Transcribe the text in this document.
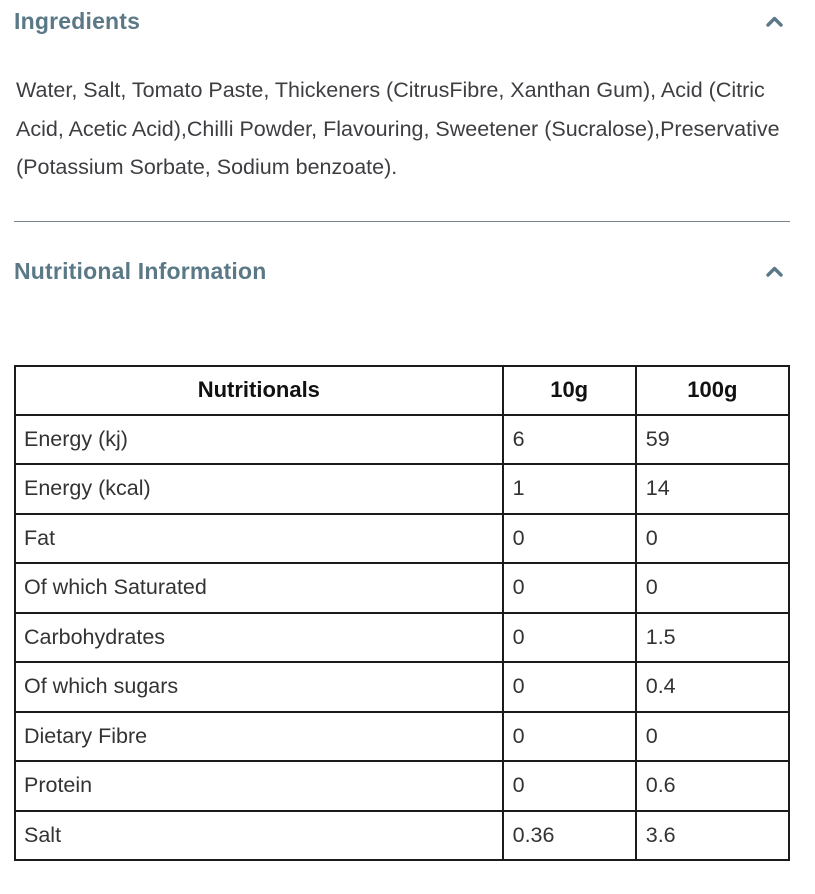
Ingredients

Water, Salt, Tomato Paste, Thickeners (CitrusFibre, Xanthan Gum), Acid (Citric Acid, Acetic Acid),Chilli Powder, Flavouring, Sweetener (Sucralose),Preservative (Potassium Sorbate, Sodium benzoate).

Nutritional Information
Nutritionals	10g	100g
Energy (kj)	6	59
Energy (kcal)	1	14
Fat	0	0
Of which Saturated	0	0
Carbohydrates	0	1.5
Of which sugars	0	0.4
Dietary Fibre	0	0
Protein	0	0.6
Salt	0.36	3.6
